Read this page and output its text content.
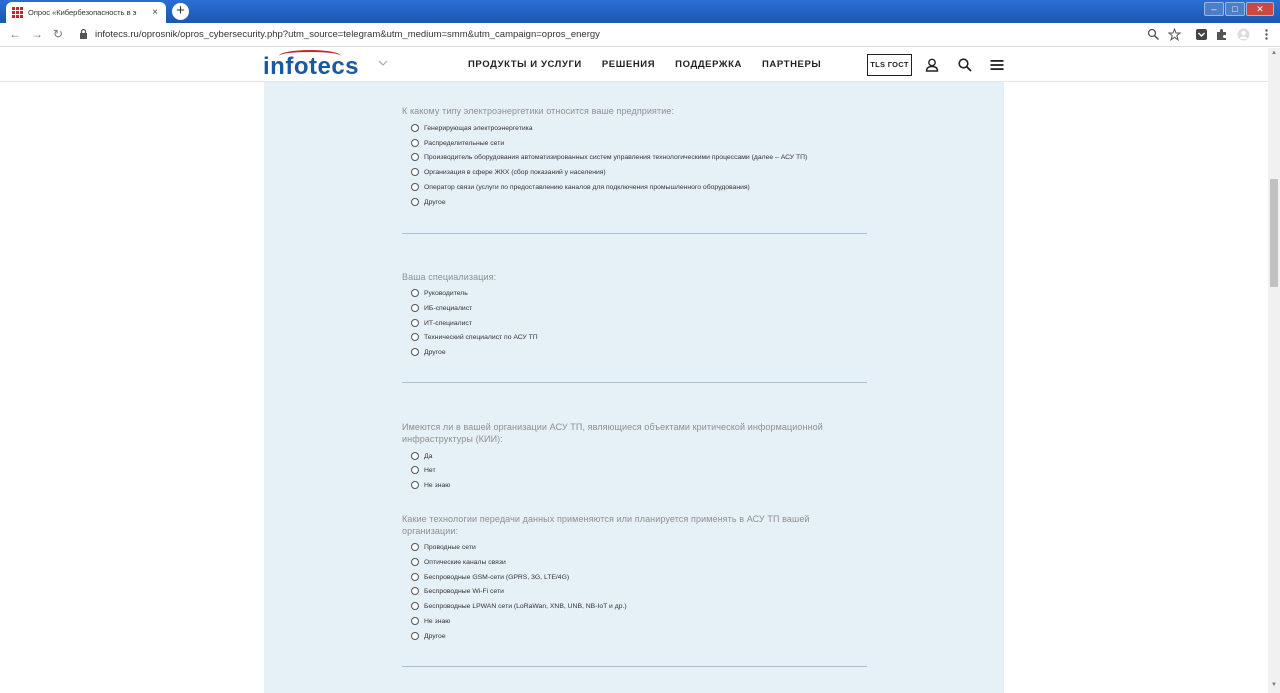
Опрос «Кибербезопасность в э	× +	–	□	✕
← → ↻	infotecs.ru/oprosnik/opros_cybersecurity.php?utm_source=telegram&utm_medium=smm&utm_campaign=opros_energy
infotecs	ПРОДУКТЫ И УСЛУГИ РЕШЕНИЯ ПОДДЕРЖКА ПАРТНЕРЫ	TLS ГОСТ
К какому типу электроэнергетики относится ваше предприятие:
Генерирующая электроэнергетика
Распределительные сети
Производитель оборудования автоматизированных систем управления технологическими процессами (далее – АСУ ТП)
Организация в сфере ЖКХ (сбор показаний у населения)
Оператор связи (услуги по предоставлению каналов для подключения промышленного оборудования)
Другое
Ваша специализация:
Руководитель
ИБ-специалист
ИТ-специалист
Технический специалист по АСУ ТП
Другое
Имеются ли в вашей организации АСУ ТП, являющиеся объектами критической информационной
инфраструктуры (КИИ):
Да
Нет
Не знаю
Какие технологии передачи данных применяются или планируется применять в АСУ ТП вашей
организации:
Проводные сети
Оптические каналы связи
Беспроводные GSM-сети (GPRS, 3G, LTE/4G)
Беспроводные Wi-Fi сети
Беспроводные LPWAN сети (LoRaWan, XNB, UNB, NB-IoT и др.)
Не знаю
Другое
▲
▼
